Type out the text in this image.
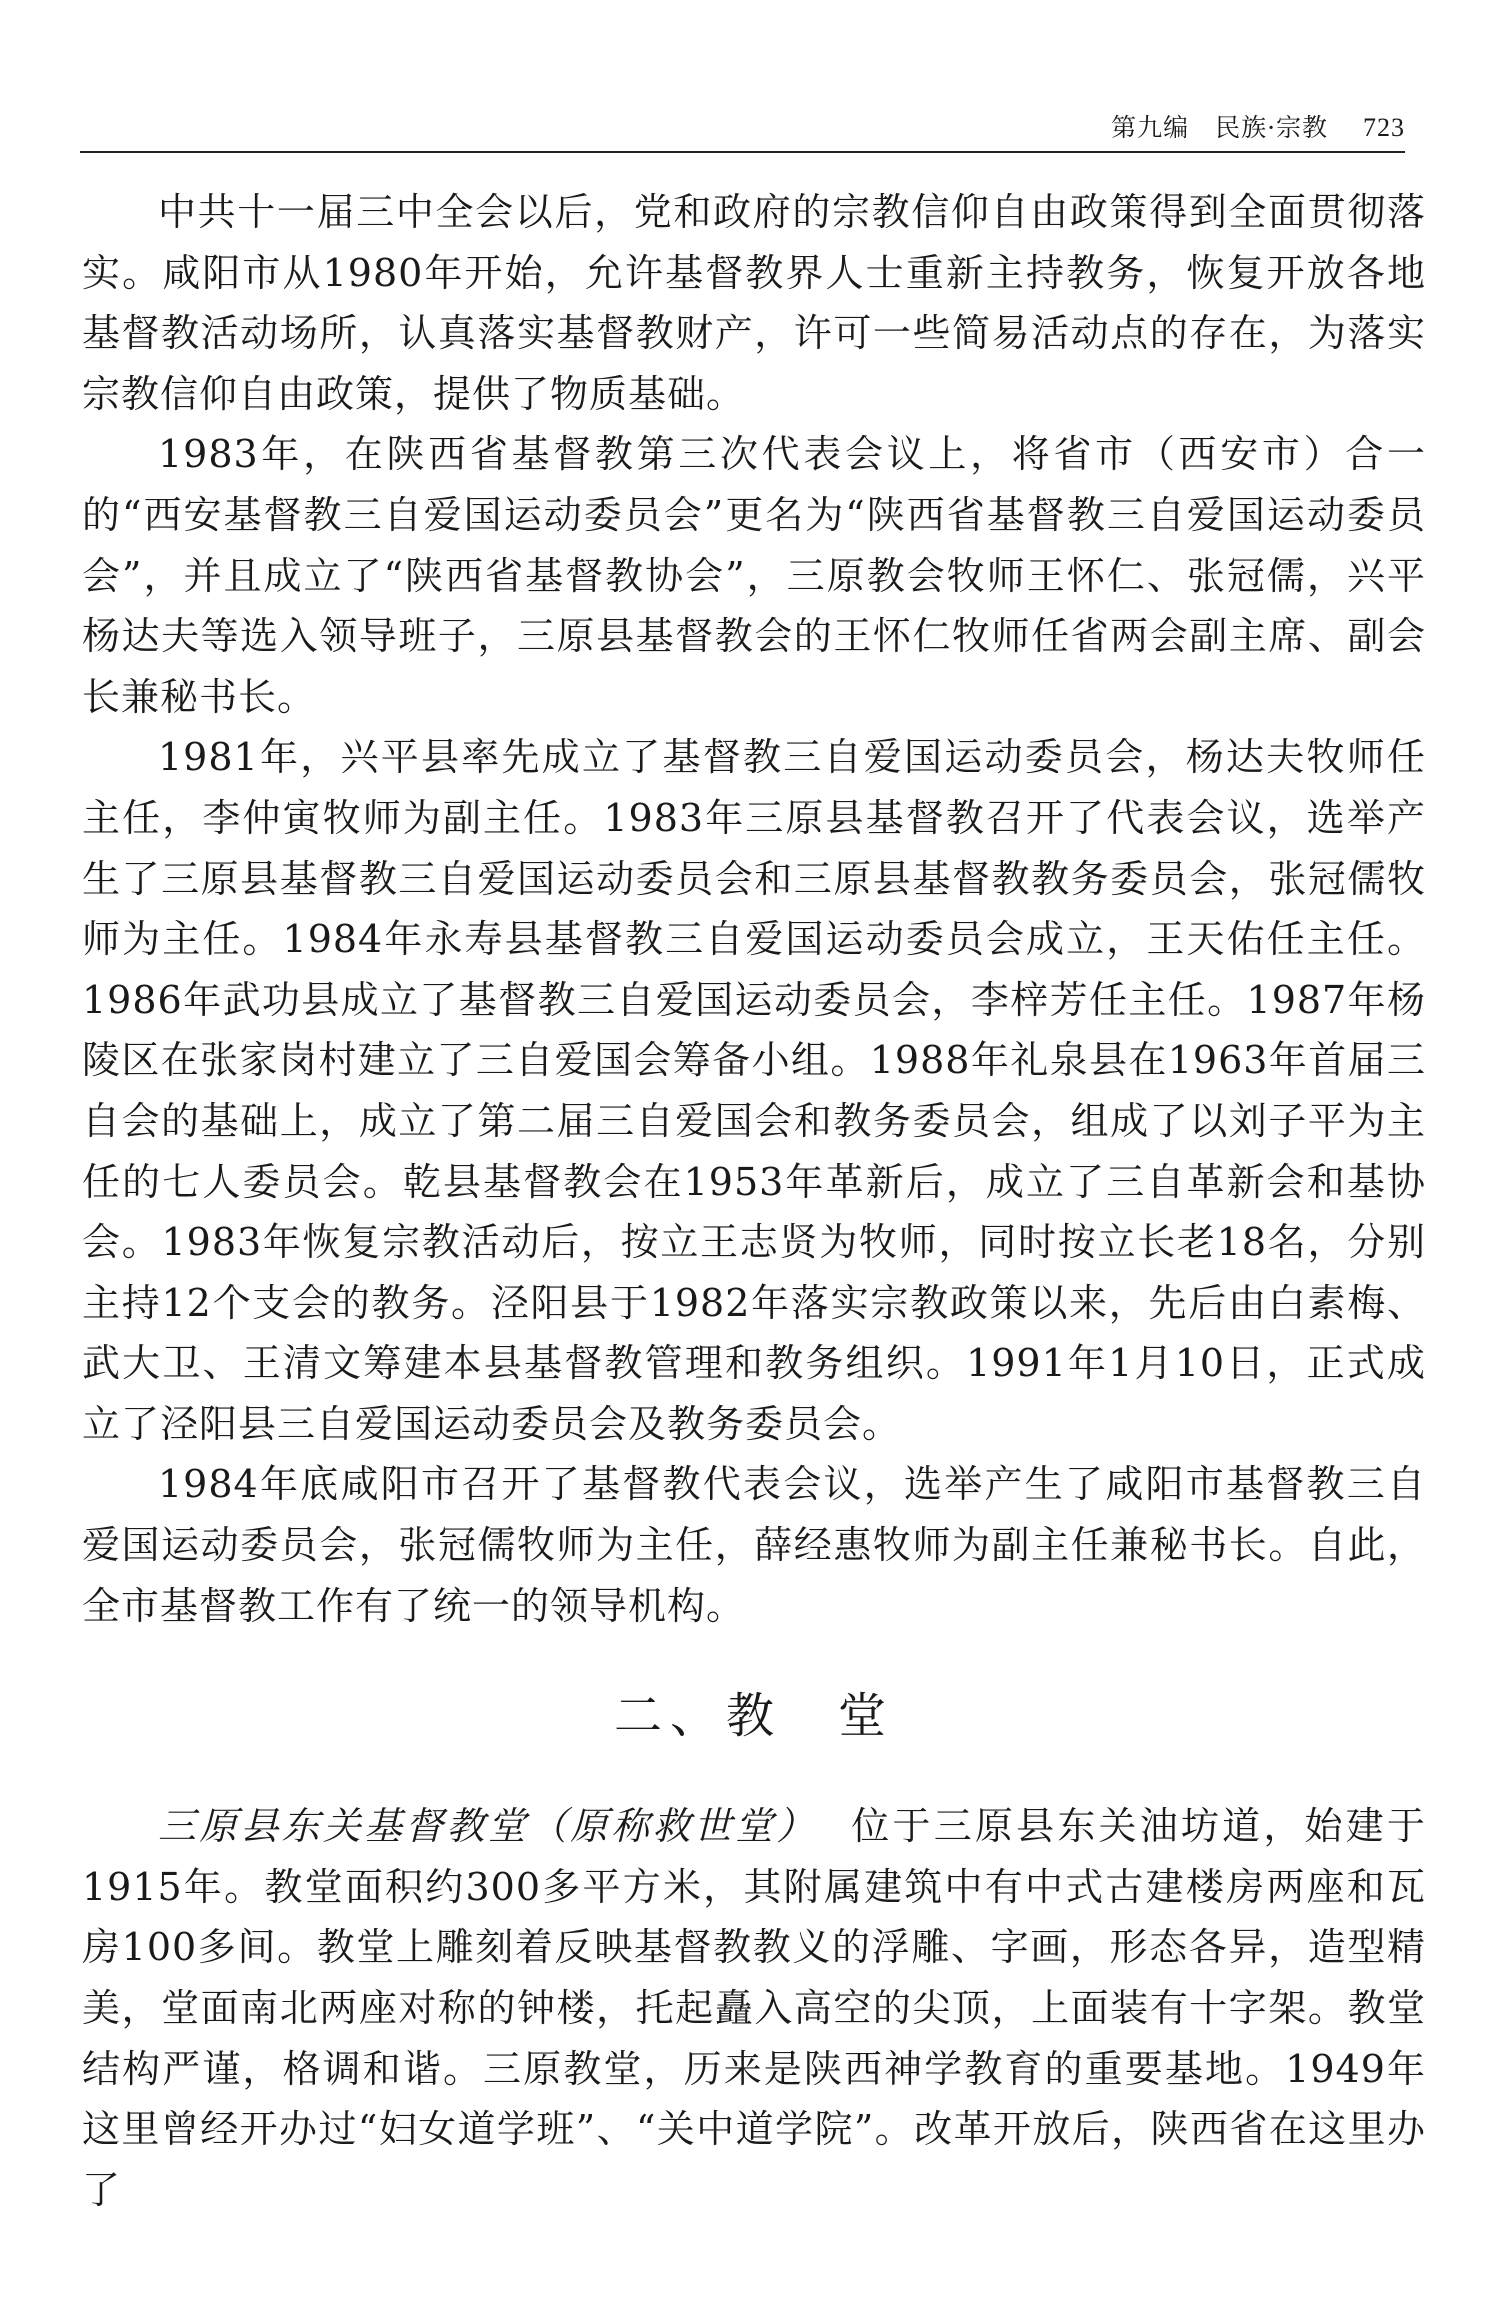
第九编　民族·宗教 723

中共十一届三中全会以后，党和政府的宗教信仰自由政策得到全面贯彻落实。咸阳市从1980年开始，允许基督教界人士重新主持教务，恢复开放各地基督教活动场所，认真落实基督教财产，许可一些简易活动点的存在，为落实宗教信仰自由政策，提供了物质基础。

1983年，在陕西省基督教第三次代表会议上，将省市（西安市）合一的“西安基督教三自爱国运动委员会”更名为“陕西省基督教三自爱国运动委员会”，并且成立了“陕西省基督教协会”，三原教会牧师王怀仁、张冠儒，兴平杨达夫等选入领导班子，三原县基督教会的王怀仁牧师任省两会副主席、副会长兼秘书长。

1981年，兴平县率先成立了基督教三自爱国运动委员会，杨达夫牧师任主任，李仲寅牧师为副主任。1983年三原县基督教召开了代表会议，选举产生了三原县基督教三自爱国运动委员会和三原县基督教教务委员会，张冠儒牧师为主任。1984年永寿县基督教三自爱国运动委员会成立，王天佑任主任。1986年武功县成立了基督教三自爱国运动委员会，李梓芳任主任。1987年杨陵区在张家岗村建立了三自爱国会筹备小组。1988年礼泉县在1963年首届三自会的基础上，成立了第二届三自爱国会和教务委员会，组成了以刘子平为主任的七人委员会。乾县基督教会在1953年革新后，成立了三自革新会和基协会。1983年恢复宗教活动后，按立王志贤为牧师，同时按立长老18名，分别主持12个支会的教务。泾阳县于1982年落实宗教政策以来，先后由白素梅、武大卫、王清文筹建本县基督教管理和教务组织。1991年1月10日，正式成立了泾阳县三自爱国运动委员会及教务委员会。

1984年底咸阳市召开了基督教代表会议，选举产生了咸阳市基督教三自爱国运动委员会，张冠儒牧师为主任，薛经惠牧师为副主任兼秘书长。自此，全市基督教工作有了统一的领导机构。

二、教　堂

三原县东关基督教堂（原称救世堂） 位于三原县东关油坊道，始建于1915年。教堂面积约300多平方米，其附属建筑中有中式古建楼房两座和瓦房100多间。教堂上雕刻着反映基督教教义的浮雕、字画，形态各异，造型精美，堂面南北两座对称的钟楼，托起矗入高空的尖顶，上面装有十字架。教堂结构严谨，格调和谐。三原教堂，历来是陕西神学教育的重要基地。1949年这里曾经开办过“妇女道学班”、“关中道学院”。改革开放后，陕西省在这里办了
